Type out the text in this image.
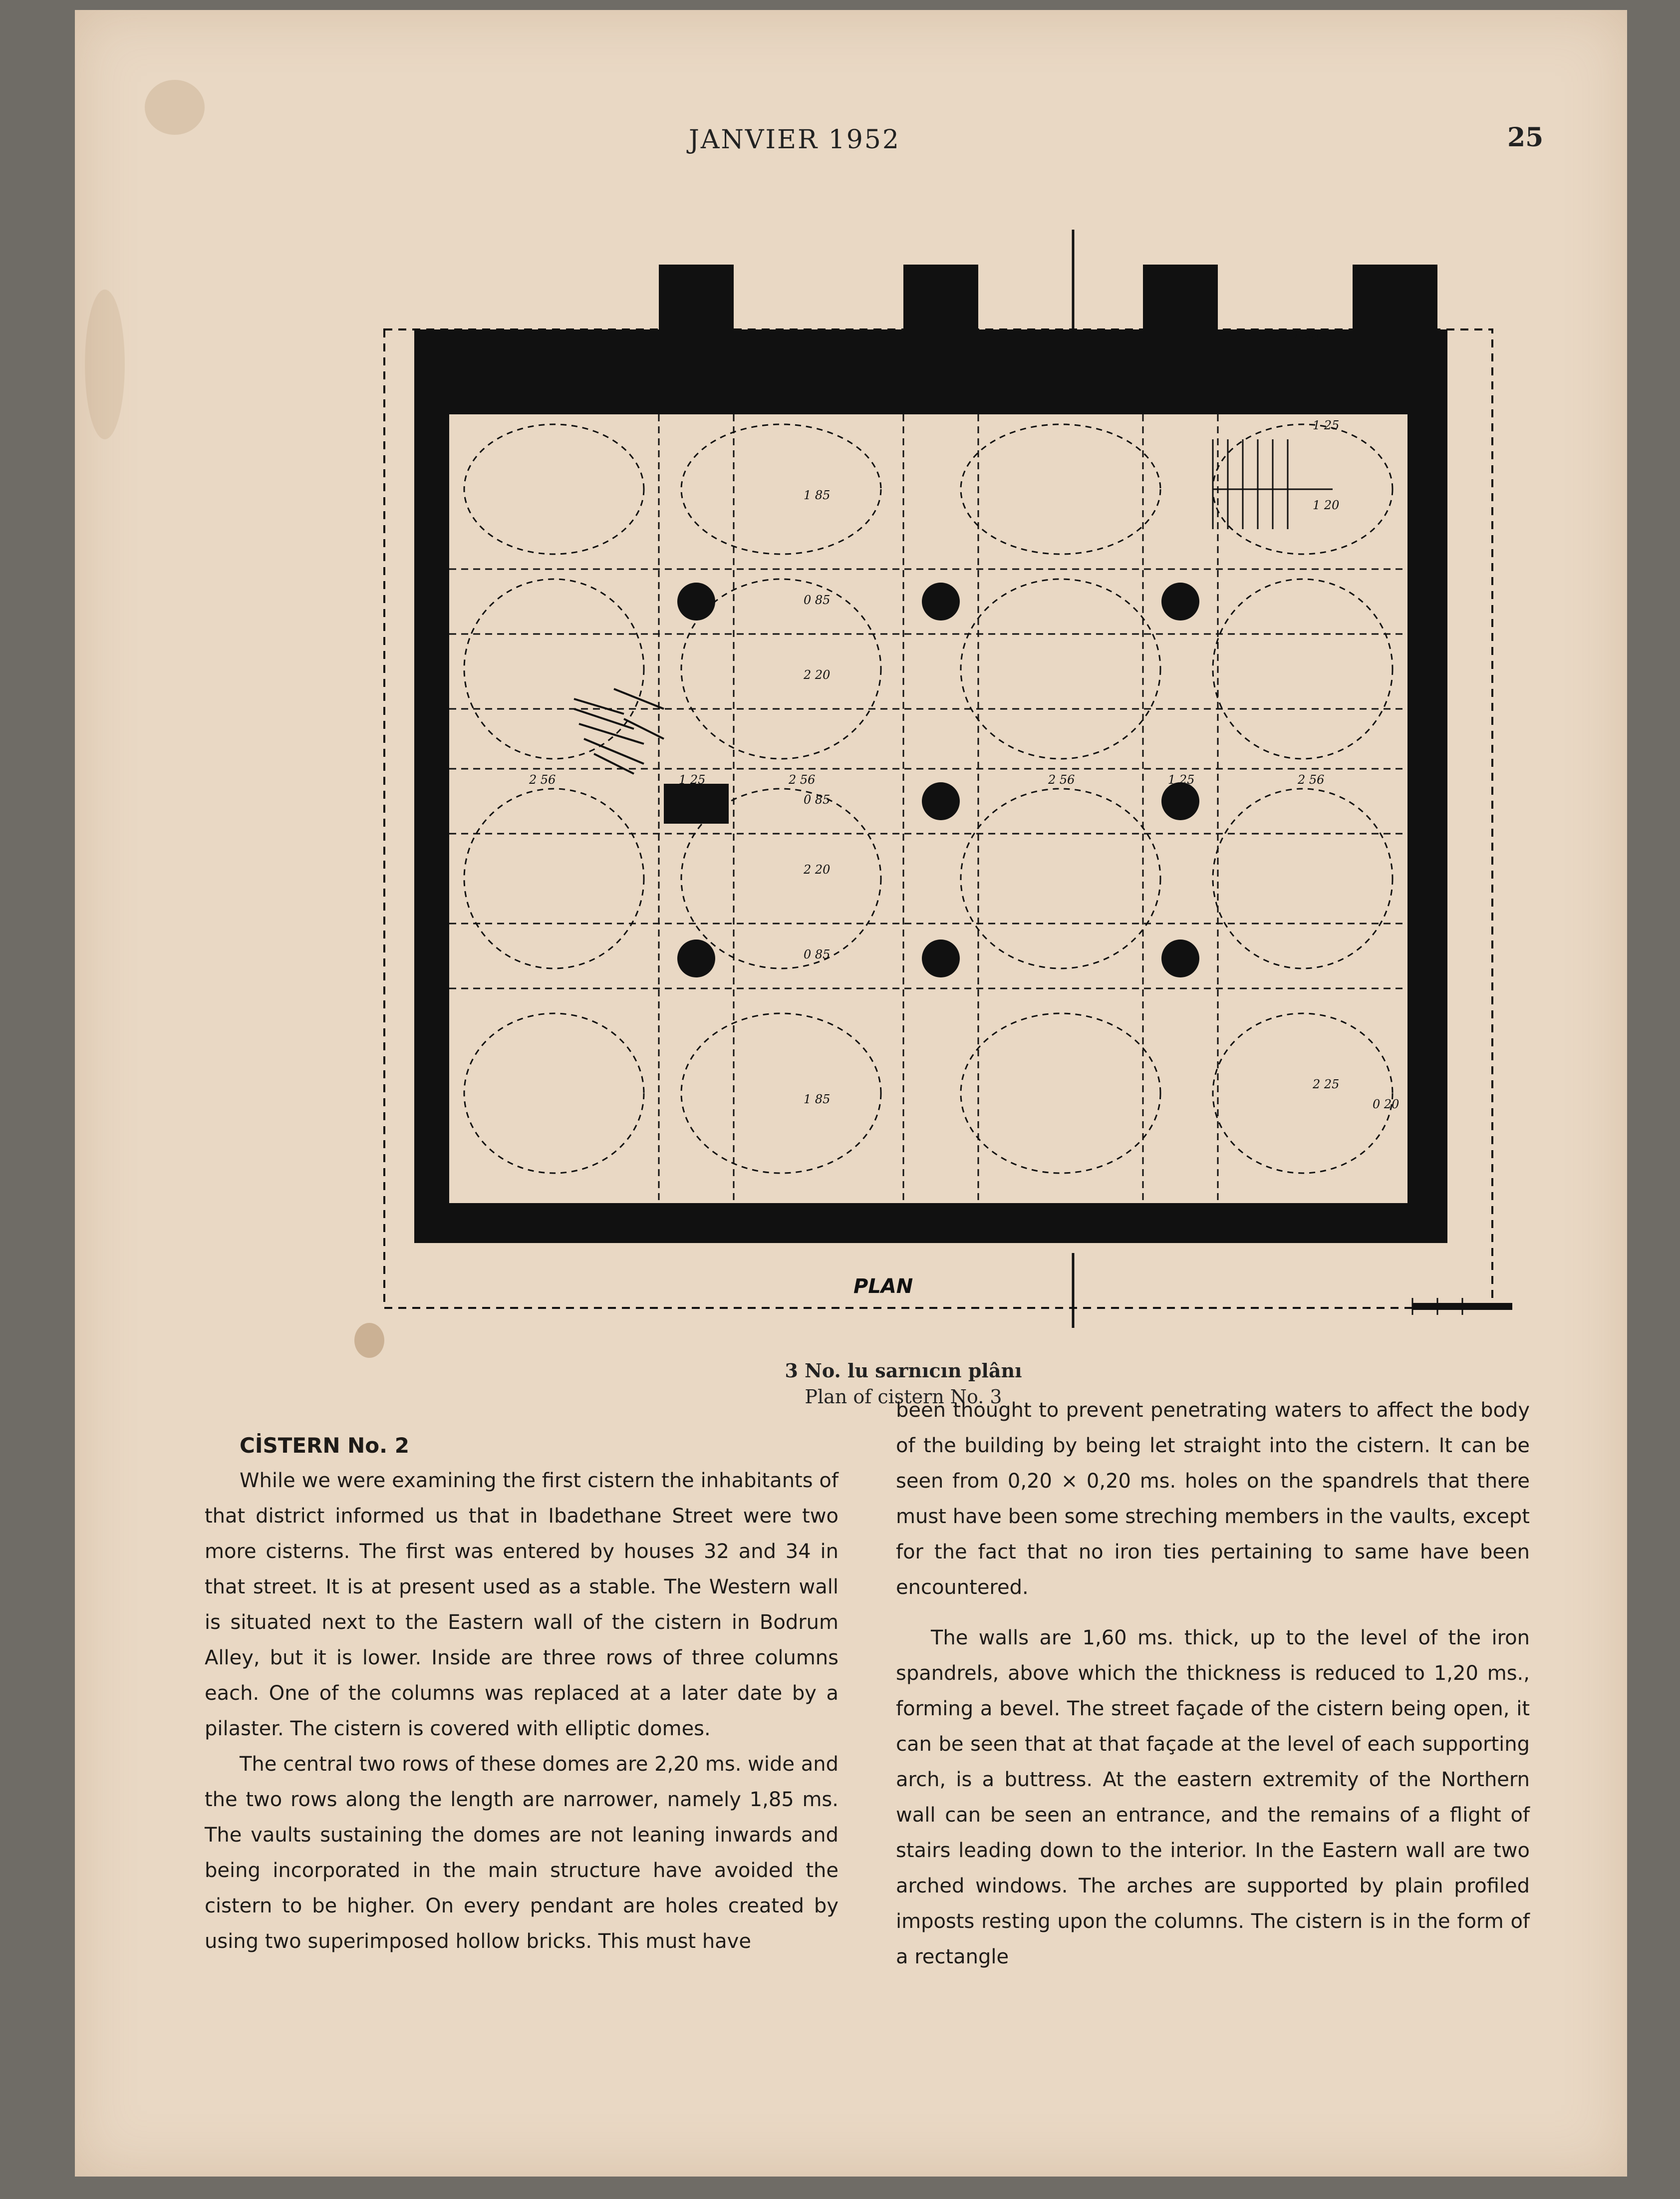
JANVIER 1952	25
2 56	1 25	2 56	2 56	1 25	2 56
1 85
2 20
2 20
1 85
0 85
0 85
0 85
1 25
1 20
1 20
0 20
2 25
PLAN
3 No. lu sarnıcın plânı
Plan of cistern No. 3
CİSTERN No. 2

While we were examining the first cistern the inhabitants of that district informed us that in Ibadethane Street were two more cisterns. The first was entered by houses 32 and 34 in that street. It is at present used as a stable. The Western wall is situated next to the Eastern wall of the cistern in Bodrum Alley, but it is lower. Inside are three rows of three columns each. One of the columns was replaced at a later date by a pilaster. The cistern is covered with elliptic domes.

The central two rows of these domes are 2,20 ms. wide and the two rows along the length are narrower, namely 1,85 ms. The vaults sustaining the domes are not leaning inwards and being incorporated in the main structure have avoided the cistern to be higher. On every pendant are holes created by using two superimposed hollow bricks. This must have

been thought to prevent penetrating waters to affect the body of the building by being let straight into the cistern. It can be seen from 0,20 × 0,20 ms. holes on the spandrels that there must have been some streching members in the vaults, except for the fact that no iron ties pertaining to same have been encountered.

The walls are 1,60 ms. thick, up to the level of the iron spandrels, above which the thickness is reduced to 1,20 ms., forming a bevel. The street façade of the cistern being open, it can be seen that at that façade at the level of each supporting arch, is a buttress. At the eastern extremity of the Northern wall can be seen an entrance, and the remains of a flight of stairs leading down to the interior. In the Eastern wall are two arched windows. The arches are supported by plain profiled imposts resting upon the columns. The cistern is in the form of a rectangle
